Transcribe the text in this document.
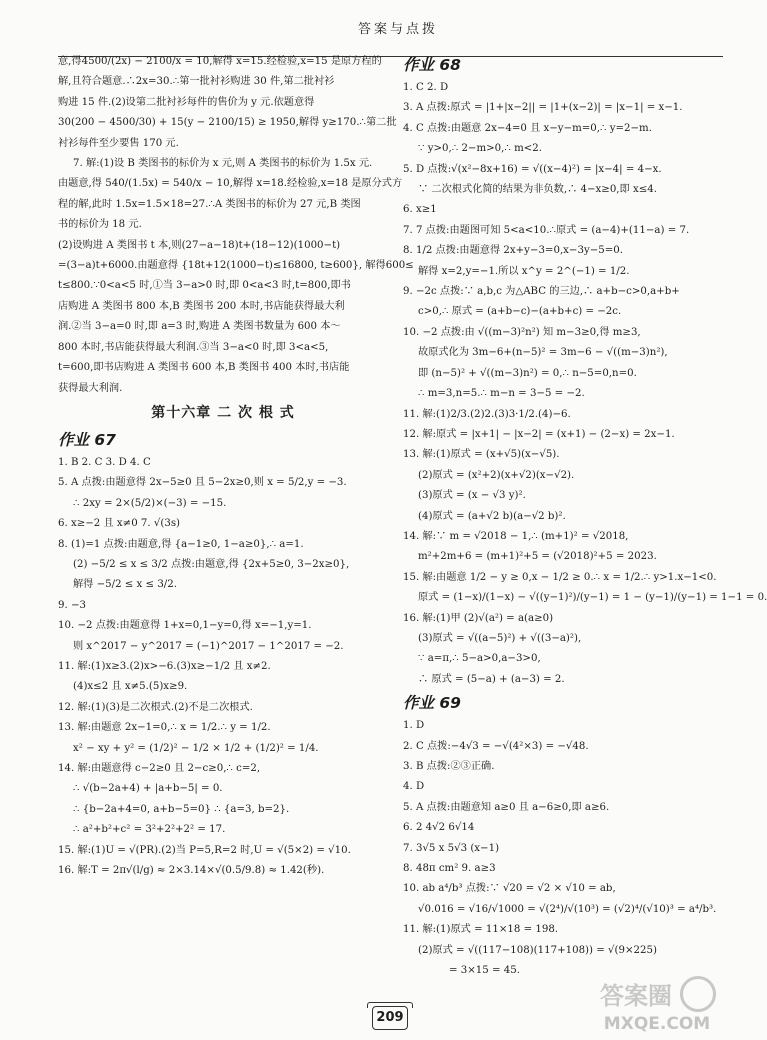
答案与点拨
意,得4500/(2x) − 2100/x = 10,解得 x=15.经检验,x=15 是原方程的
解,且符合题意.∴2x=30.∴第一批衬衫购进 30 件,第二批衬衫
购进 15 件.(2)设第二批衬衫每件的售价为 y 元.依题意得
30(200 − 4500/30) + 15(y − 2100/15) ≥ 1950,解得 y≥170.∴第二批
衬衫每件至少要售 170 元.
7. 解:(1)设 B 类图书的标价为 x 元,则 A 类图书的标价为 1.5x 元.
由题意,得 540/(1.5x) = 540/x − 10,解得 x=18.经检验,x=18 是原分式方
程的解,此时 1.5x=1.5×18=27.∴A 类图书的标价为 27 元,B 类图
书的标价为 18 元.
(2)设购进 A 类图书 t 本,则(27−a−18)t+(18−12)(1000−t)
=(3−a)t+6000.由题意得 {18t+12(1000−t)≤16800, t≥600}, 解得600≤
t≤800.∵0<a<5 时,①当 3−a>0 时,即 0<a<3 时,t=800,即书
店购进 A 类图书 800 本,B 类图书 200 本时,书店能获得最大利
润.②当 3−a=0 时,即 a=3 时,购进 A 类图书数量为 600 本～
800 本时,书店能获得最大利润.③当 3−a<0 时,即 3<a<5,
t=600,即书店购进 A 类图书 600 本,B 类图书 400 本时,书店能
获得最大利润.
第十六章 二 次 根 式
作业 67
1. B 2. C 3. D 4. C
5. A 点拨:由题意得 2x−5≥0 且 5−2x≥0,则 x = 5/2,y = −3.
∴ 2xy = 2×(5/2)×(−3) = −15.
6. x≥−2 且 x≠0 7. √(3s)
8. (1)=1 点拨:由题意,得 {a−1≥0, 1−a≥0},∴ a=1.
(2) −5/2 ≤ x ≤ 3/2 点拨:由题意,得 {2x+5≥0, 3−2x≥0},
解得 −5/2 ≤ x ≤ 3/2.
9. −3
10. −2 点拨:由题意得 1+x=0,1−y=0,得 x=−1,y=1.
则 x^2017 − y^2017 = (−1)^2017 − 1^2017 = −2.
11. 解:(1)x≥3.(2)x>−6.(3)x≥−1/2 且 x≠2.
(4)x≤2 且 x≠5.(5)x≥9.
12. 解:(1)(3)是二次根式.(2)不是二次根式.
13. 解:由题意 2x−1=0,∴ x = 1/2.∴ y = 1/2.
x² − xy + y² = (1/2)² − 1/2 × 1/2 + (1/2)² = 1/4.
14. 解:由题意得 c−2≥0 且 2−c≥0,∴ c=2,
∴ √(b−2a+4) + |a+b−5| = 0.
∴ {b−2a+4=0, a+b−5=0} ∴ {a=3, b=2}.
∴ a²+b²+c² = 3²+2²+2² = 17.
15. 解:(1)U = √(PR).(2)当 P=5,R=2 时,U = √(5×2) = √10.
16. 解:T = 2π√(l/g) ≈ 2×3.14×√(0.5/9.8) ≈ 1.42(秒).
作业 68
1. C 2. D
3. A 点拨:原式 = |1+|x−2|| = |1+(x−2)| = |x−1| = x−1.
4. C 点拨:由题意 2x−4=0 且 x−y−m=0,∴ y=2−m.
∵ y>0,∴ 2−m>0,∴ m<2.
5. D 点拨:√(x²−8x+16) = √((x−4)²) = |x−4| = 4−x.
∵ 二次根式化简的结果为非负数,∴ 4−x≥0,即 x≤4.
6. x≥1
7. 7 点拨:由题图可知 5<a<10.∴原式 = (a−4)+(11−a) = 7.
8. 1/2 点拨:由题意得 2x+y−3=0,x−3y−5=0.
解得 x=2,y=−1.所以 x^y = 2^(−1) = 1/2.
9. −2c 点拨:∵ a,b,c 为△ABC 的三边,∴ a+b−c>0,a+b+
c>0,∴ 原式 = (a+b−c)−(a+b+c) = −2c.
10. −2 点拨:由 √((m−3)²n²) 知 m−3≥0,得 m≥3,
故原式化为 3m−6+(n−5)² = 3m−6 − √((m−3)n²),
即 (n−5)² + √((m−3)n²) = 0,∴ n−5=0,n=0.
∴ m=3,n=5.∴ m−n = 3−5 = −2.
11. 解:(1)2/3.(2)2.(3)3·1/2.(4)−6.
12. 解:原式 = |x+1| − |x−2| = (x+1) − (2−x) = 2x−1.
13. 解:(1)原式 = (x+√5)(x−√5).
(2)原式 = (x²+2)(x+√2)(x−√2).
(3)原式 = (x − √3 y)².
(4)原式 = (a+√2 b)(a−√2 b)².
14. 解:∵ m = √2018 − 1,∴ (m+1)² = √2018,
m²+2m+6 = (m+1)²+5 = (√2018)²+5 = 2023.
15. 解:由题意 1/2 − y ≥ 0,x − 1/2 ≥ 0.∴ x = 1/2.∴ y>1.x−1<0.
原式 = (1−x)/(1−x) − √((y−1)²)/(y−1) = 1 − (y−1)/(y−1) = 1−1 = 0.
16. 解:(1)甲 (2)√(a²) = a(a≥0)
(3)原式 = √((a−5)²) + √((3−a)²),
∵ a=π,∴ 5−a>0,a−3>0,
∴ 原式 = (5−a) + (a−3) = 2.
作业 69
1. D
2. C 点拨:−4√3 = −√(4²×3) = −√48.
3. B 点拨:②③正确.
4. D
5. A 点拨:由题意知 a≥0 且 a−6≥0,即 a≥6.
6. 2 4√2 6√14
7. 3√5 x 5√3 (x−1)
8. 48π cm² 9. a≥3
10. ab a⁴/b³ 点拨:∵ √20 = √2 × √10 = ab,
√0.016 = √16/√1000 = √(2⁴)/√(10³) = (√2)⁴/(√10)³ = a⁴/b³.
11. 解:(1)原式 = 11×18 = 198.
(2)原式 = √((117−108)(117+108)) = √(9×225)
= 3×15 = 45.
209
答案圈
MXQE.COM
